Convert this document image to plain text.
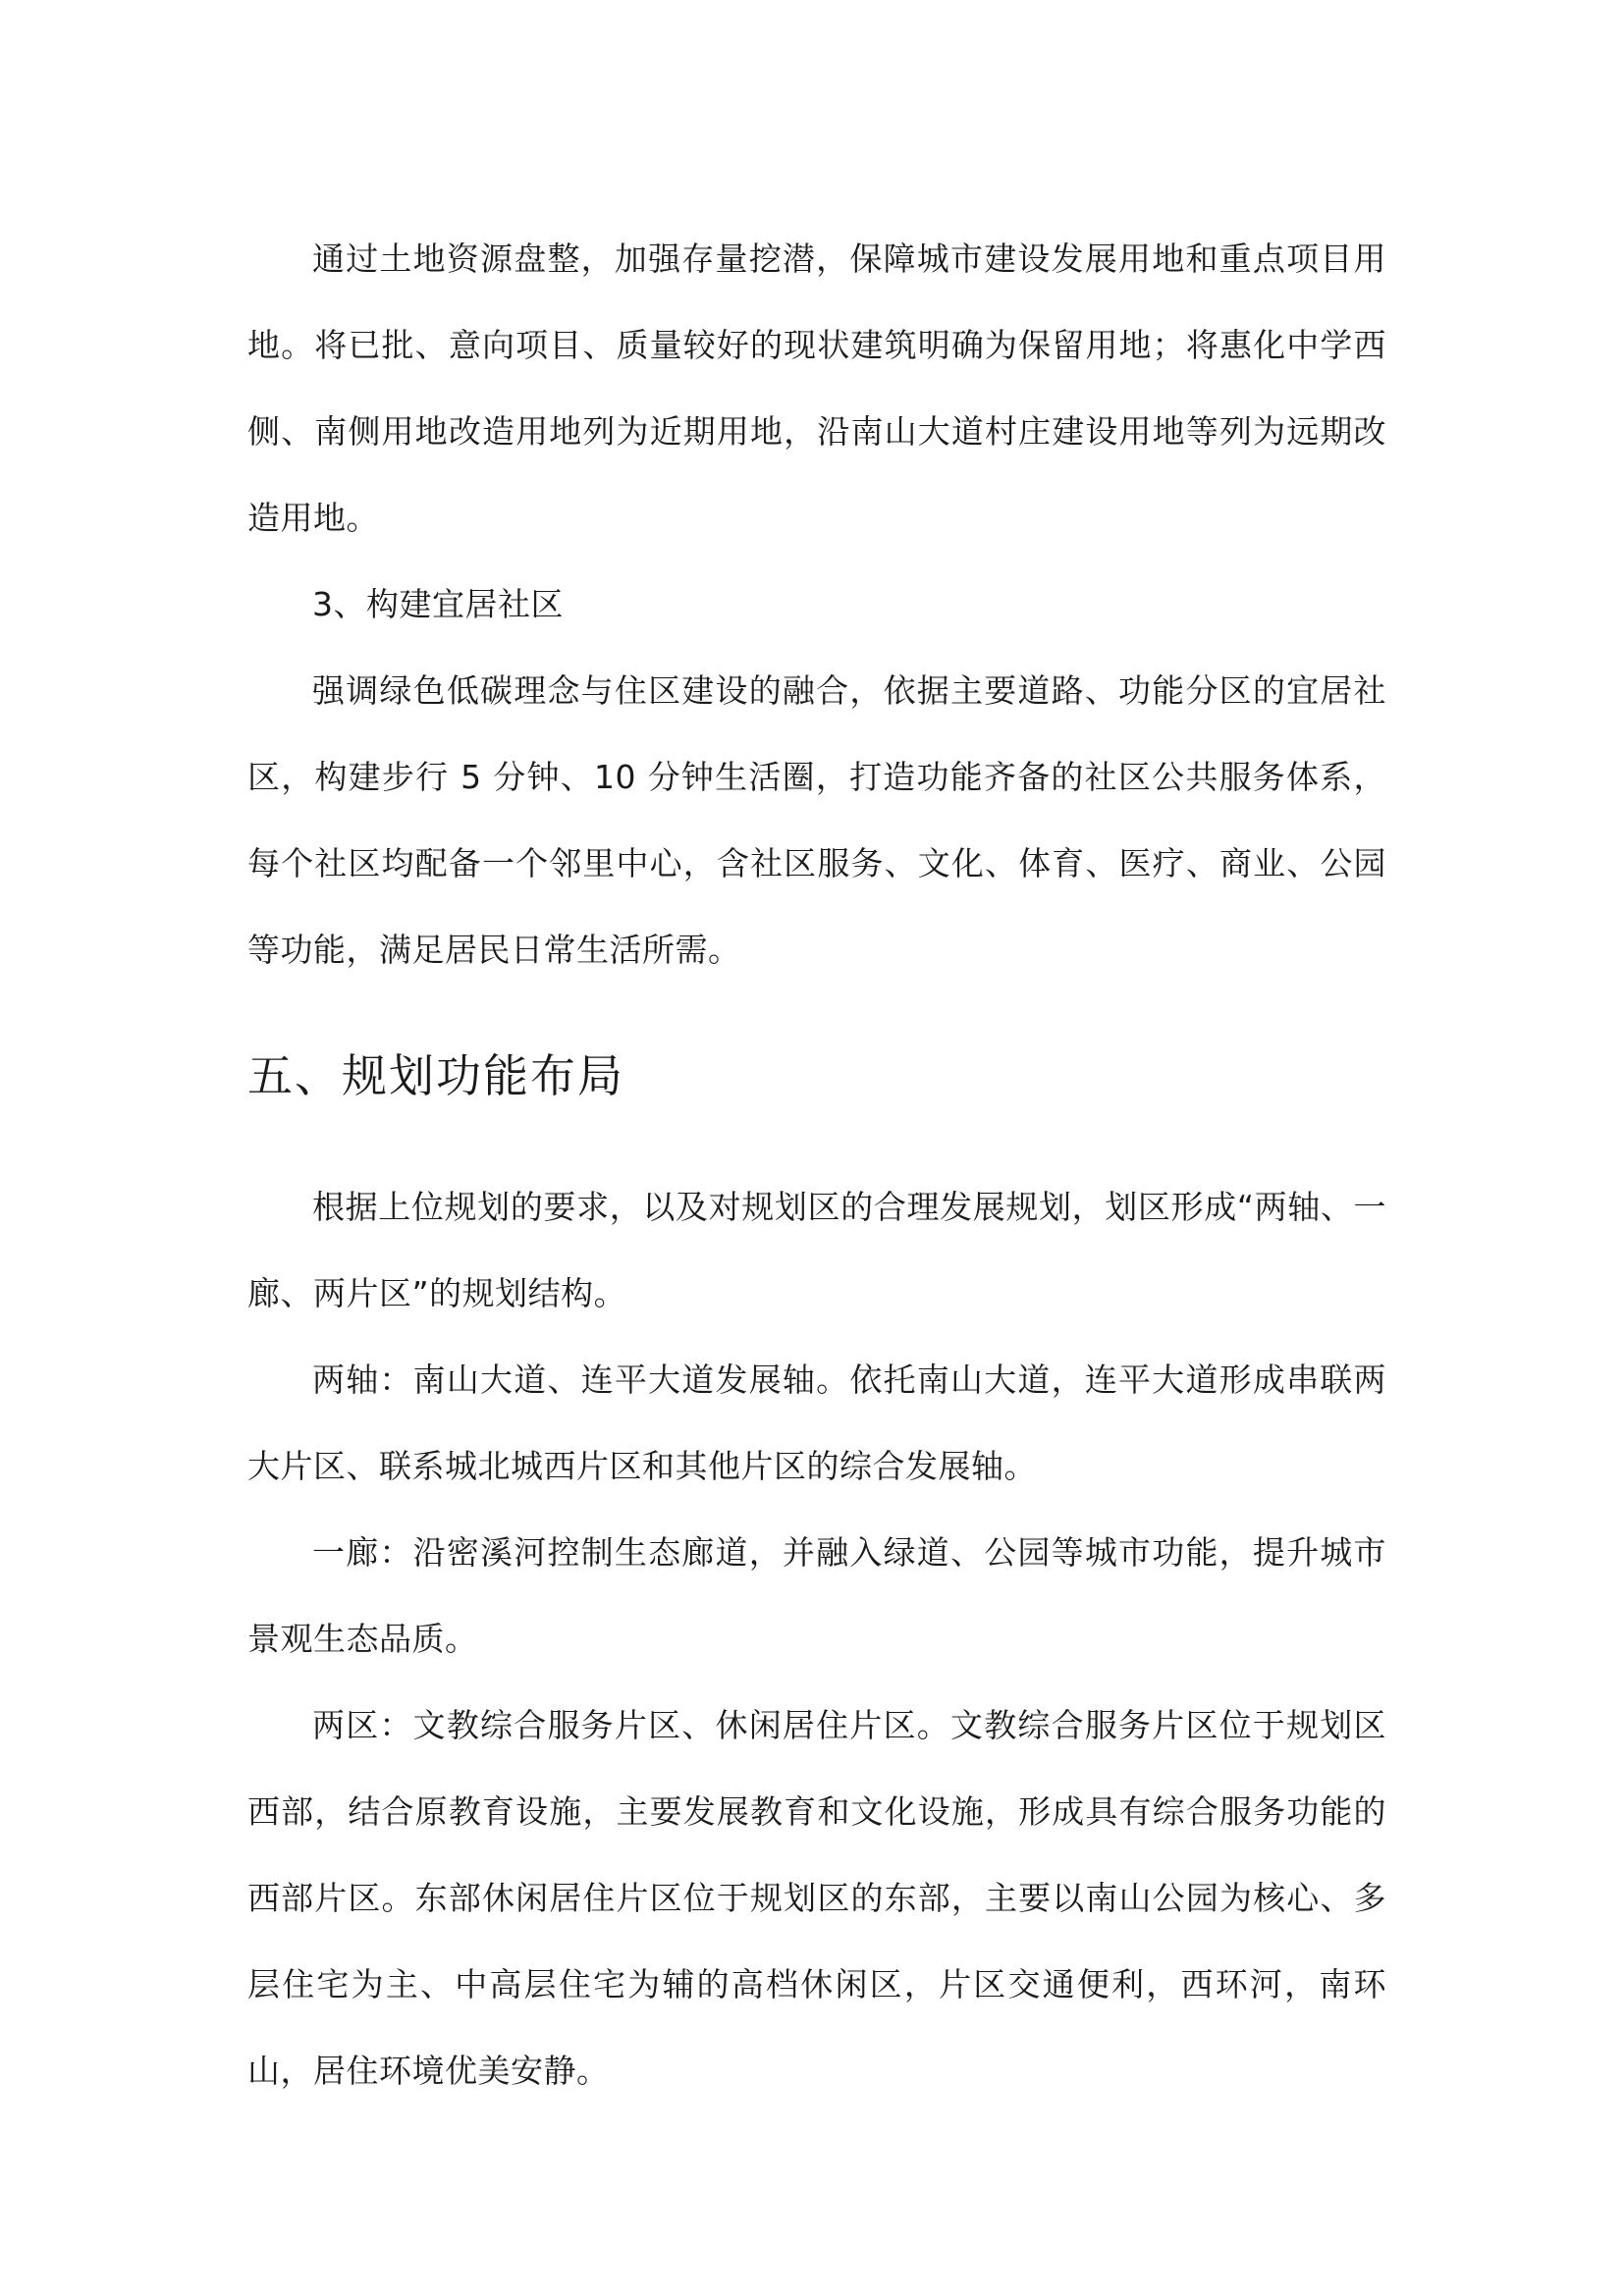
通过土地资源盘整，加强存量挖潜，保障城市建设发展用地和重点项目用地。将已批、意向项目、质量较好的现状建筑明确为保留用地；将惠化中学西侧、南侧用地改造用地列为近期用地，沿南山大道村庄建设用地等列为远期改造用地。

3、构建宜居社区

强调绿色低碳理念与住区建设的融合，依据主要道路、功能分区的宜居社区，构建步行 5 分钟、10 分钟生活圈，打造功能齐备的社区公共服务体系，每个社区均配备一个邻里中心，含社区服务、文化、体育、医疗、商业、公园等功能，满足居民日常生活所需。

五、规划功能布局

根据上位规划的要求，以及对规划区的合理发展规划，划区形成“两轴、一廊、两片区”的规划结构。

两轴：南山大道、连平大道发展轴。依托南山大道，连平大道形成串联两大片区、联系城北城西片区和其他片区的综合发展轴。

一廊：沿密溪河控制生态廊道，并融入绿道、公园等城市功能，提升城市景观生态品质。

两区：文教综合服务片区、休闲居住片区。文教综合服务片区位于规划区西部，结合原教育设施，主要发展教育和文化设施，形成具有综合服务功能的西部片区。东部休闲居住片区位于规划区的东部，主要以南山公园为核心、多层住宅为主、中高层住宅为辅的高档休闲区，片区交通便利，西环河，南环山，居住环境优美安静。
